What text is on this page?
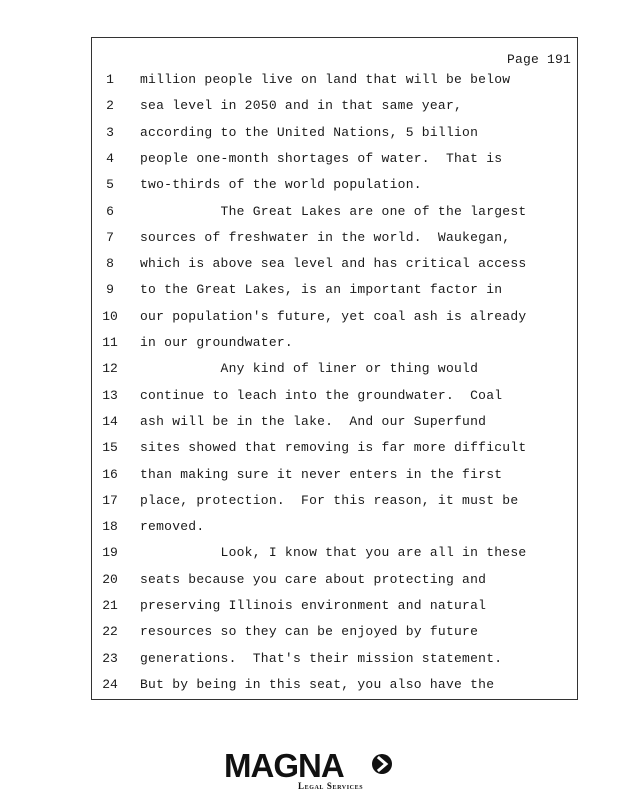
Page 191
1	million people live on land that will be below
2	sea level in 2050 and in that same year,
3	according to the United Nations, 5 billion
4	people one-month shortages of water.  That is
5	two-thirds of the world population.
6	The Great Lakes are one of the largest
7	sources of freshwater in the world.  Waukegan,
8	which is above sea level and has critical access
9	to the Great Lakes, is an important factor in
10	our population's future, yet coal ash is already
11	in our groundwater.
12	Any kind of liner or thing would
13	continue to leach into the groundwater.  Coal
14	ash will be in the lake.  And our Superfund
15	sites showed that removing is far more difficult
16	than making sure it never enters in the first
17	place, protection.  For this reason, it must be
18	removed.
19	Look, I know that you are all in these
20	seats because you care about protecting and
21	preserving Illinois environment and natural
22	resources so they can be enjoyed by future
23	generations.  That's their mission statement.
24	But by being in this seat, you also have the
MAGNA
Legal Services
